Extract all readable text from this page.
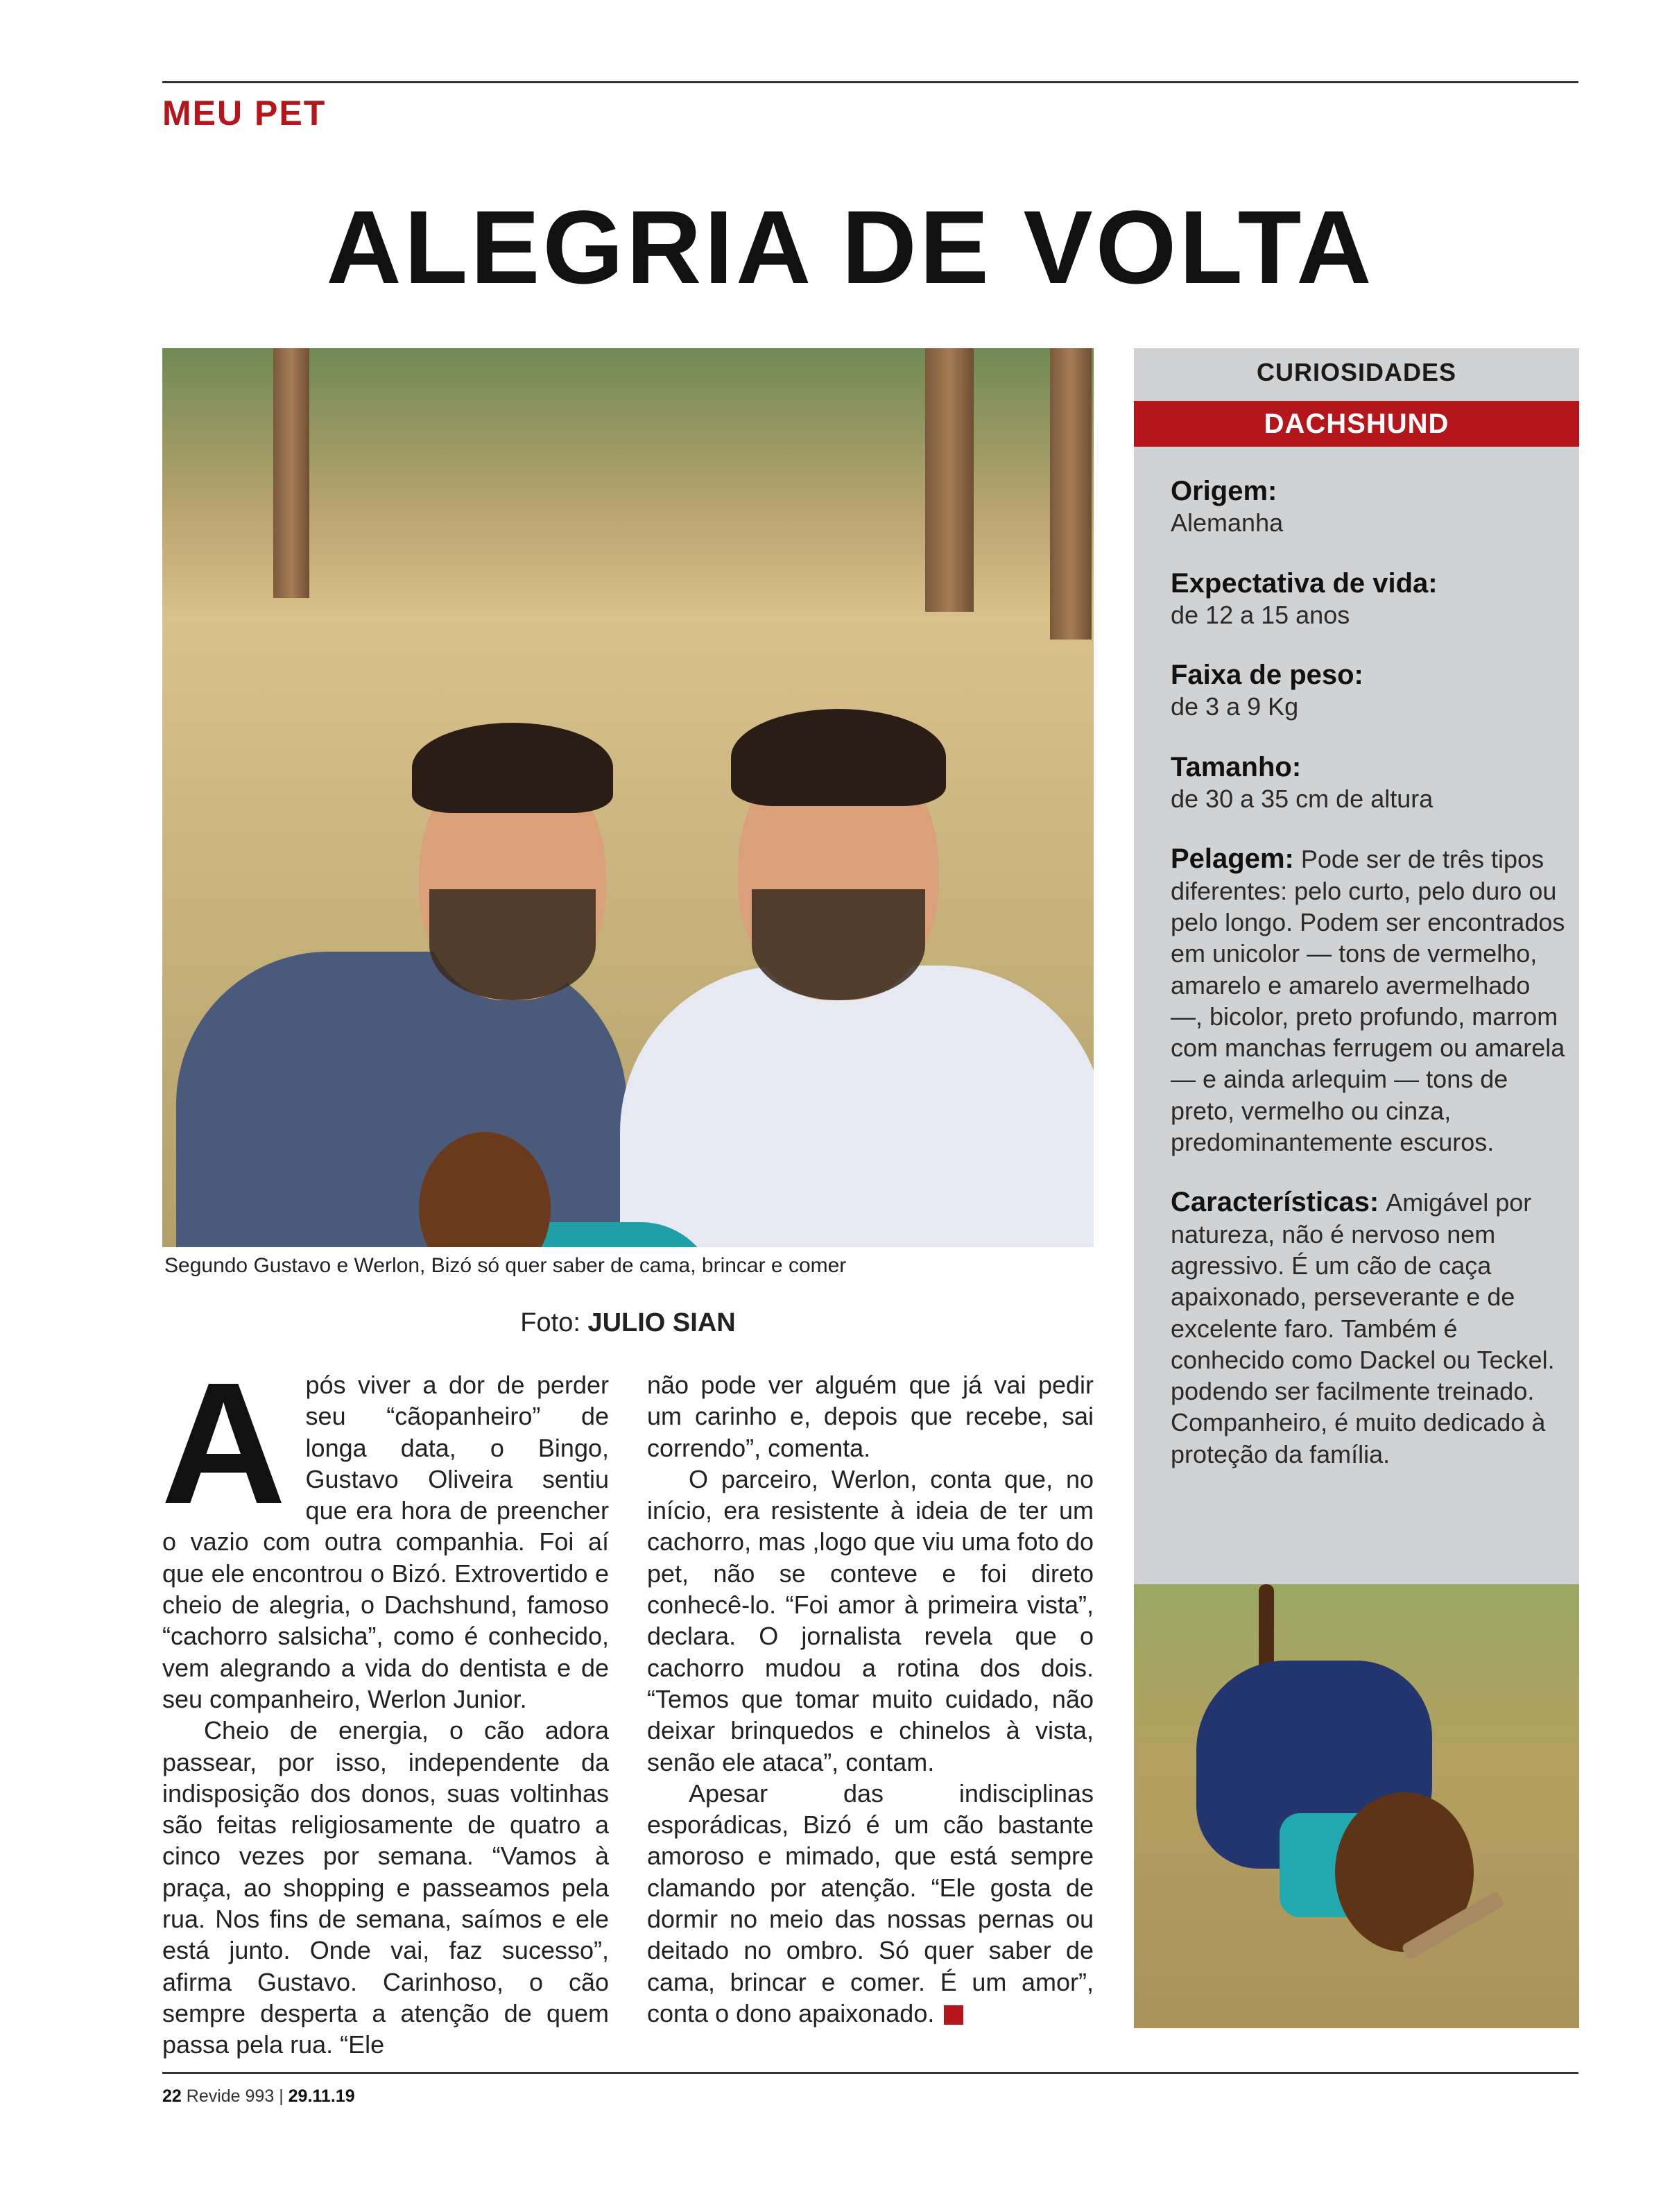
MEU PET
ALEGRIA DE VOLTA
Segundo Gustavo e Werlon, Bizó só quer saber de cama, brincar e comer
Foto: JULIO SIAN
A pós viver a dor de perder seu “cãopanheiro” de longa data, o Bingo, Gustavo Oliveira sentiu que era hora de preencher o vazio com outra companhia. Foi aí que ele encontrou o Bizó. Extrovertido e cheio de alegria, o Dachshund, famoso “cachorro salsicha”, como é conhecido, vem alegrando a vida do dentista e de seu companheiro, Werlon Junior.

Cheio de energia, o cão adora passear, por isso, independente da indisposição dos donos, suas voltinhas são feitas religiosamente de quatro a cinco vezes por semana. “Vamos à praça, ao shopping e passeamos pela rua. Nos fins de semana, saímos e ele está junto. Onde vai, faz sucesso”, afirma Gustavo. Carinhoso, o cão sempre desperta a atenção de quem passa pela rua. “Ele

não pode ver alguém que já vai pedir um carinho e, depois que recebe, sai correndo”, comenta.

O parceiro, Werlon, conta que, no início, era resistente à ideia de ter um cachorro, mas ,logo que viu uma foto do pet, não se conteve e foi direto conhecê-lo. “Foi amor à primeira vista”, declara. O jornalista revela que o cachorro mudou a rotina dos dois. “Temos que tomar muito cuidado, não deixar brinquedos e chinelos à vista, senão ele ataca”, contam.

Apesar das indisciplinas esporádicas, Bizó é um cão bastante amoroso e mimado, que está sempre clamando por atenção. “Ele gosta de dormir no meio das nossas pernas ou deitado no ombro. Só quer saber de cama, brincar e comer. É um amor”, conta o dono apaixonado.	R

CURIOSIDADES
DACHSHUND
Origem:
Alemanha
Expectativa de vida:
de 12 a 15 anos
Faixa de peso:
de 3 a 9 Kg
Tamanho:
de 30 a 35 cm de altura
Pelagem: Pode ser de três tipos diferentes: pelo curto, pelo duro ou pelo longo. Podem ser encontrados em unicolor — tons de vermelho, amarelo e amarelo avermelhado —, bicolor, preto profundo, marrom com manchas ferrugem ou amarela — e ainda arlequim — tons de preto, vermelho ou cinza, predominantemente escuros.
Características: Amigável por natureza, não é nervoso nem agressivo. É um cão de caça apaixonado, perseverante e de excelente faro. Também é conhecido como Dackel ou Teckel. podendo ser facilmente treinado. Companheiro, é muito dedicado à proteção da família.
22 Revide 993 | 29.11.19
